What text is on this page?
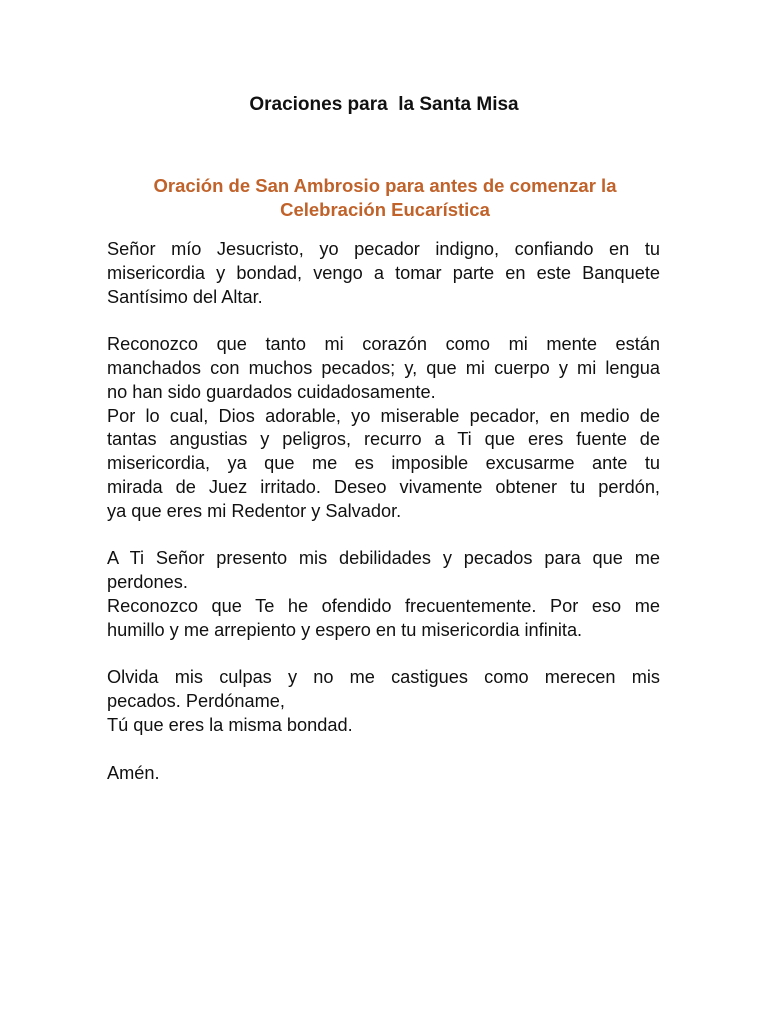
Oraciones para  la Santa Misa
Oración de San Ambrosio para antes de comenzar la
Celebración Eucarística

Señor mío Jesucristo, yo pecador indigno, confiando en tu
misericordia y bondad, vengo a tomar parte en este Banquete
Santísimo del Altar.

Reconozco que tanto mi corazón como mi mente están
manchados con muchos pecados; y, que mi cuerpo y mi lengua
no han sido guardados cuidadosamente.

Por lo cual, Dios adorable, yo miserable pecador, en medio de
tantas angustias y peligros, recurro a Ti que eres fuente de
misericordia, ya que me es imposible excusarme ante tu
mirada de Juez irritado. Deseo vivamente obtener tu perdón,
ya que eres mi Redentor y Salvador.

A Ti Señor presento mis debilidades y pecados para que me
perdones.

Reconozco que Te he ofendido frecuentemente. Por eso me
humillo y me arrepiento y espero en tu misericordia infinita.

Olvida mis culpas y no me castigues como merecen mis
pecados. Perdóname,

Tú que eres la misma bondad.

Amén.
